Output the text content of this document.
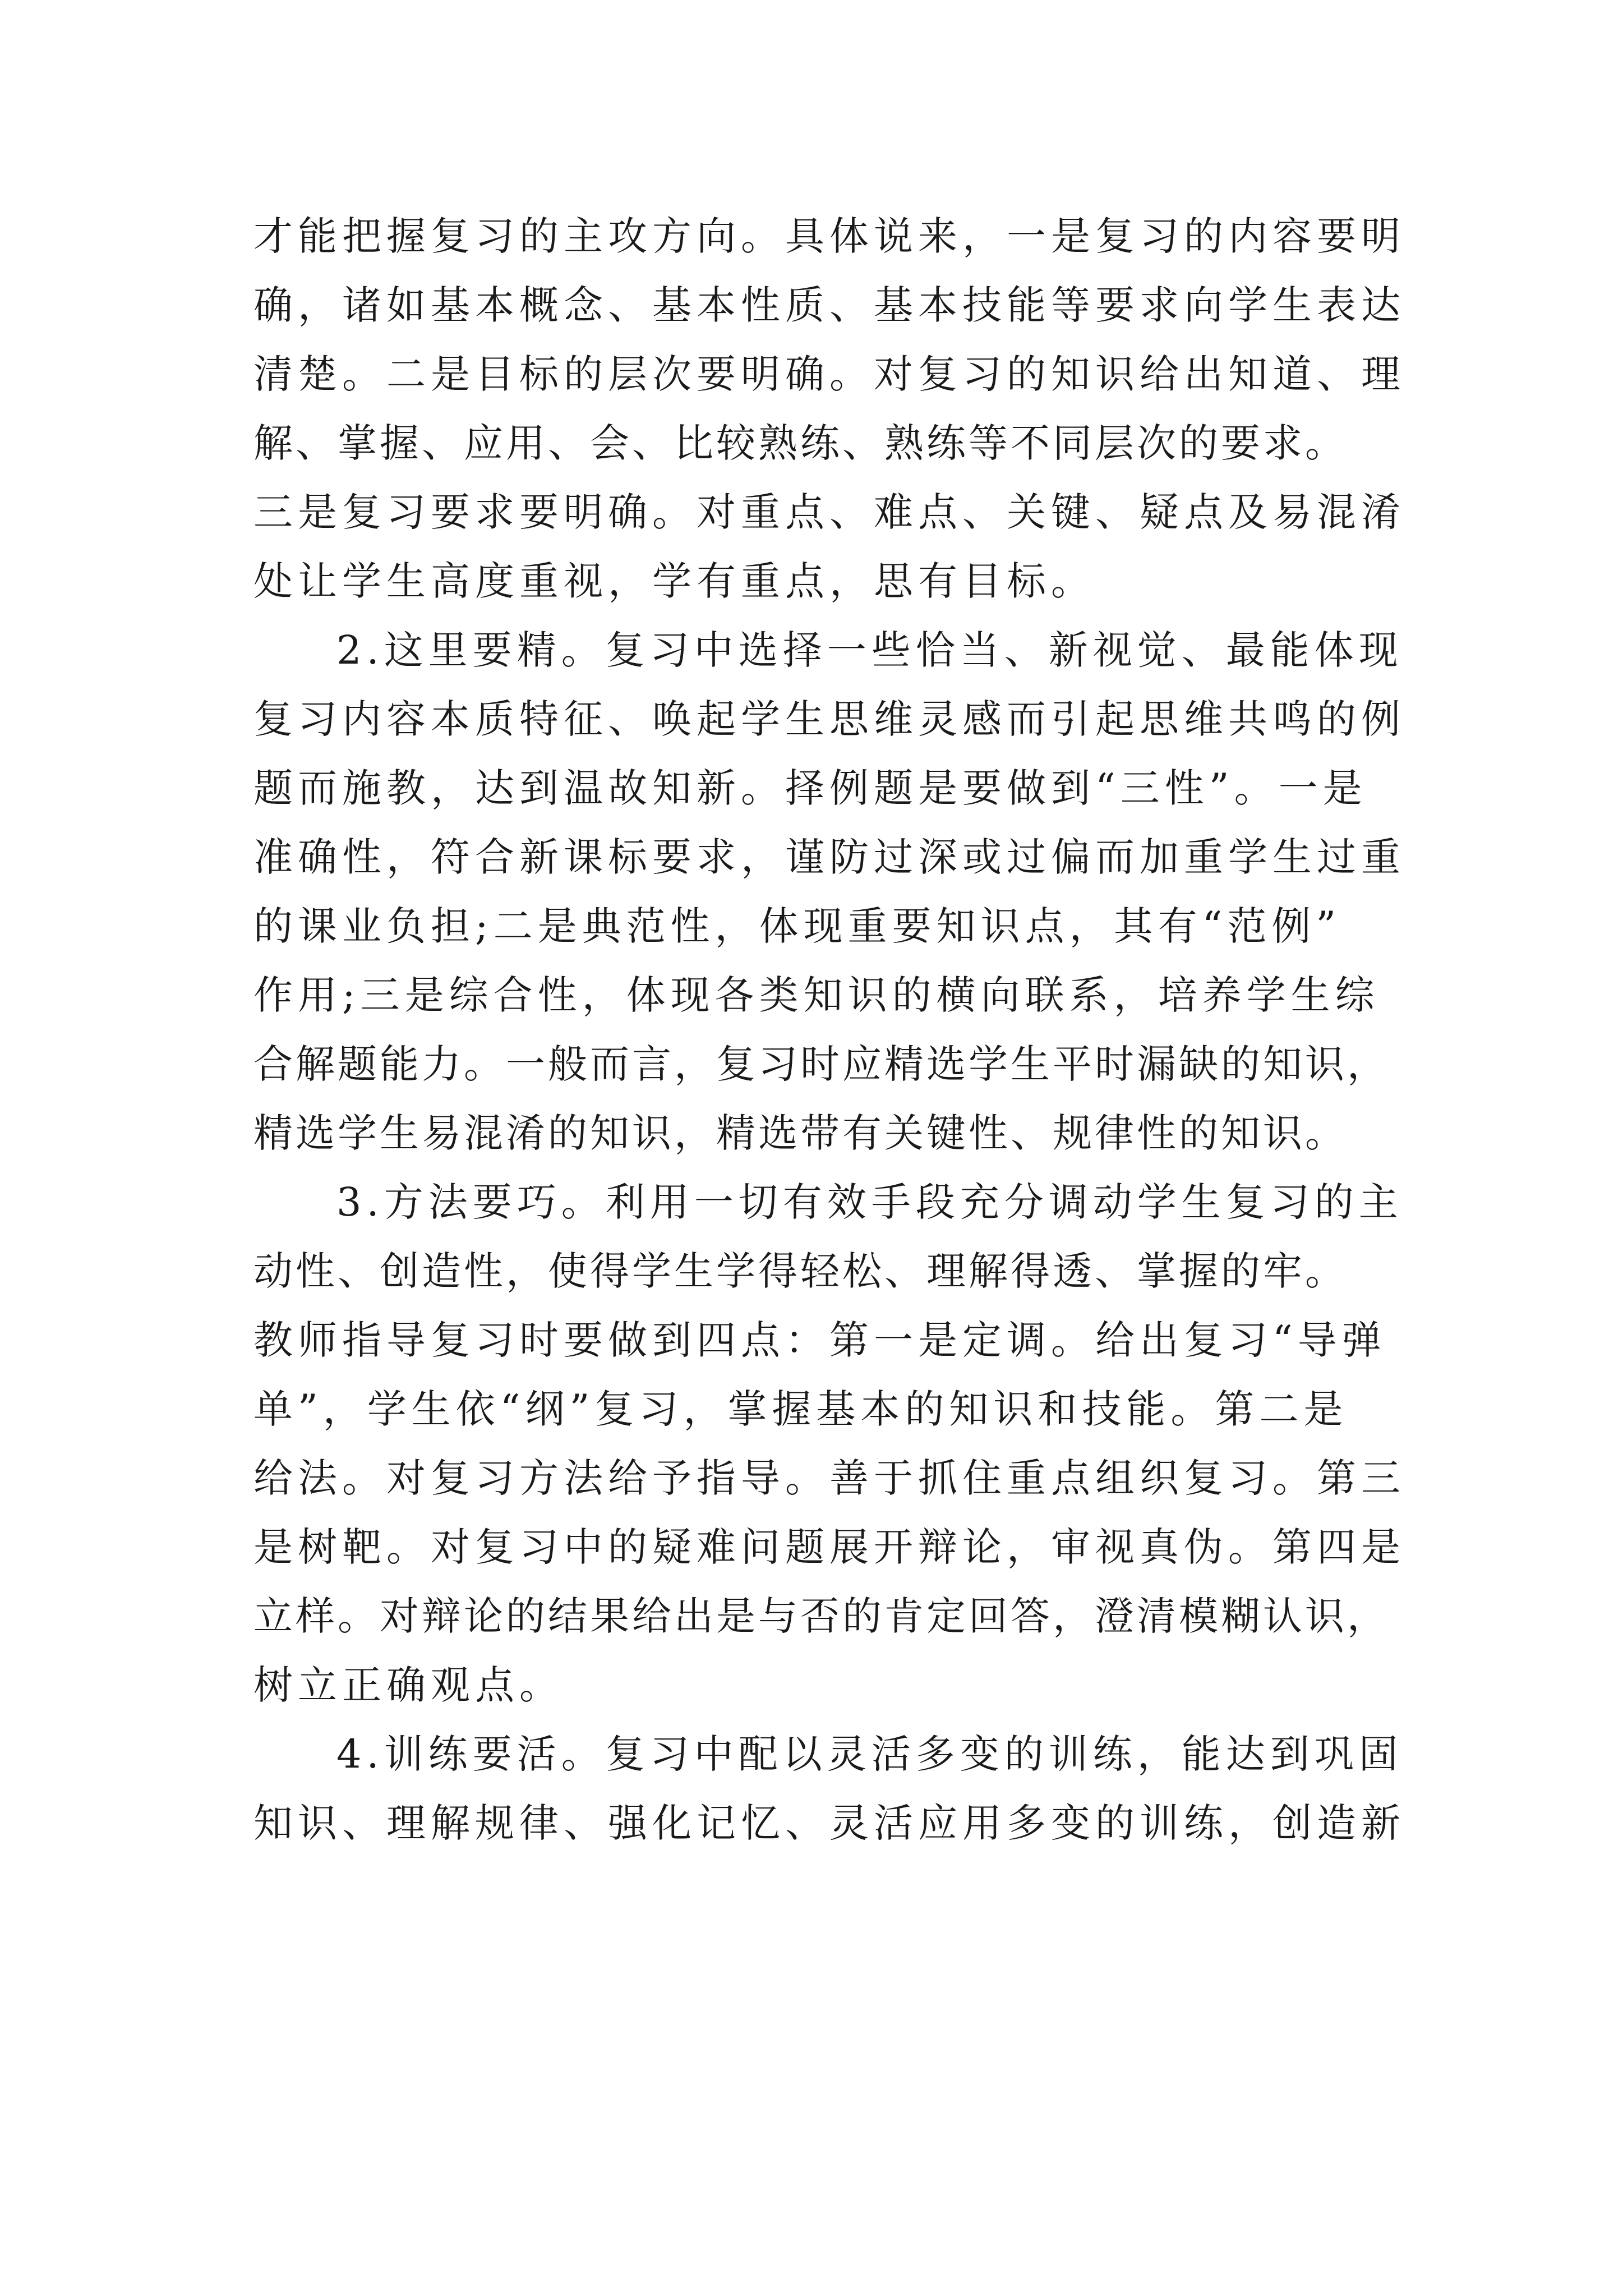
才能把握复习的主攻方向。具体说来，一是复习的内容要明
确，诸如基本概念、基本性质、基本技能等要求向学生表达
清楚。二是目标的层次要明确。对复习的知识给出知道、理
解、掌握、应用、会、比较熟练、熟练等不同层次的要求。
三是复习要求要明确。对重点、难点、关键、疑点及易混淆
处让学生高度重视，学有重点，思有目标。
2.这里要精。复习中选择一些恰当、新视觉、最能体现
复习内容本质特征、唤起学生思维灵感而引起思维共鸣的例
题而施教，达到温故知新。择例题是要做到“三性”。一是
准确性，符合新课标要求，谨防过深或过偏而加重学生过重
的课业负担;二是典范性，体现重要知识点，其有“范例”
作用;三是综合性，体现各类知识的横向联系，培养学生综
合解题能力。一般而言，复习时应精选学生平时漏缺的知识，
精选学生易混淆的知识，精选带有关键性、规律性的知识。
3.方法要巧。利用一切有效手段充分调动学生复习的主
动性、创造性，使得学生学得轻松、理解得透、掌握的牢。
教师指导复习时要做到四点：第一是定调。给出复习“导弹
单”，学生依“纲”复习，掌握基本的知识和技能。第二是
给法。对复习方法给予指导。善于抓住重点组织复习。第三
是树靶。对复习中的疑难问题展开辩论，审视真伪。第四是
立样。对辩论的结果给出是与否的肯定回答，澄清模糊认识，
树立正确观点。
4.训练要活。复习中配以灵活多变的训练，能达到巩固
知识、理解规律、强化记忆、灵活应用多变的训练，创造新
